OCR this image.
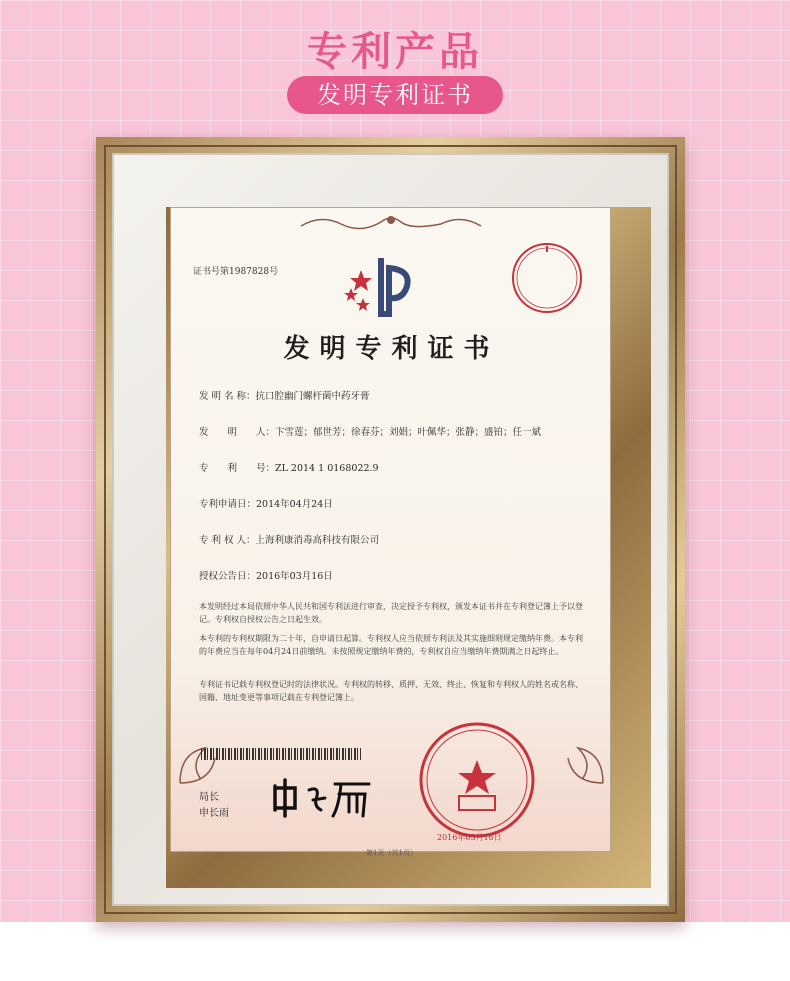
专利产品
发明专利证书
证书号第1987828号
发明专利证书
发 明 名 称：抗口腔幽门螺杆菌中药牙膏
发　　明　　人：卞雪莲；郁世芳；徐春芬；刘娟；叶佩华；张静；盛铂；任一斌
专　　利　　号：ZL 2014 1 0168022.9
专利申请日：2014年04月24日
专 利 权 人：上海利康消毒高科技有限公司
授权公告日：2016年03月16日
本发明经过本局依照中华人民共和国专利法进行审查，决定授予专利权，颁发本证书并在专利登记簿上予以登记。专利权自授权公告之日起生效。
本专利的专利权期限为二十年，自申请日起算。专利权人应当依照专利法及其实施细则规定缴纳年费。本专利的年费应当在每年04月24日前缴纳。未按照规定缴纳年费的，专利权自应当缴纳年费期满之日起终止。
专利证书记载专利权登记时的法律状况。专利权的转移、质押、无效、终止、恢复和专利权人的姓名或名称、国籍、地址变更等事项记载在专利登记簿上。
局长
申长雨
2016年03月16日
第1页（共1页）
